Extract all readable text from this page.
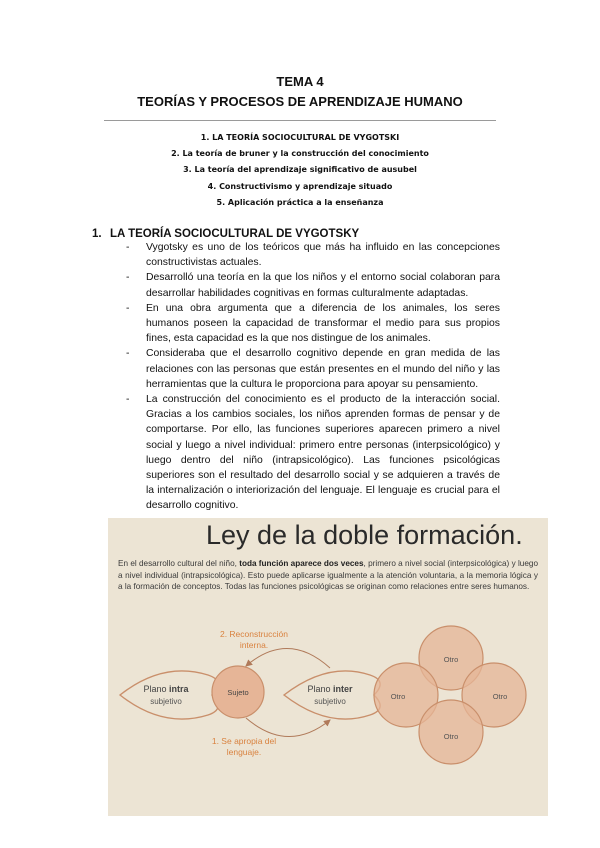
TEMA 4
TEORÍAS Y PROCESOS DE APRENDIZAJE HUMANO
1. LA TEORÍA SOCIOCULTURAL DE VYGOTSKI
2. La teoría de bruner y la construcción del conocimiento
3. La teoría del aprendizaje significativo de ausubel
4. Constructivismo y aprendizaje situado
5. Aplicación práctica a la enseñanza
1. LA TEORÍA SOCIOCULTURAL DE VYGOTSKY
- Vygotsky es uno de los teóricos que más ha influido en las concepciones constructivistas actuales.
- Desarrolló una teoría en la que los niños y el entorno social colaboran para desarrollar habilidades cognitivas en formas culturalmente adaptadas.
- En una obra argumenta que a diferencia de los animales, los seres humanos poseen la capacidad de transformar el medio para sus propios fines, esta capacidad es la que nos distingue de los animales.
- Consideraba que el desarrollo cognitivo depende en gran medida de las relaciones con las personas que están presentes en el mundo del niño y las herramientas que la cultura le proporciona para apoyar su pensamiento.
- La construcción del conocimiento es el producto de la interacción social. Gracias a los cambios sociales, los niños aprenden formas de pensar y de comportarse. Por ello, las funciones superiores aparecen primero a nivel social y luego a nivel individual: primero entre personas (interpsicológico) y luego dentro del niño (intrapsicológico). Las funciones psicológicas superiores son el resultado del desarrollo social y se adquieren a través de la internalización o interiorización del lenguaje. El lenguaje es crucial para el desarrollo cognitivo.
Ley de la doble formación.
En el desarrollo cultural del niño, toda función aparece dos veces, primero a nivel social (interpsicológica) y luego a nivel individual (intrapsicológica). Esto puede aplicarse igualmente a la atención voluntaria, a la memoria lógica y a la formación de conceptos. Todas las funciones psicológicas se originan como relaciones entre seres humanos.
Plano intra
subjetivo
Sujeto	Plano inter
subjetivo
2. Reconstrucción
interna.
1. Se apropia del
lenguaje.
Otro
Otro	Otro
Otro
